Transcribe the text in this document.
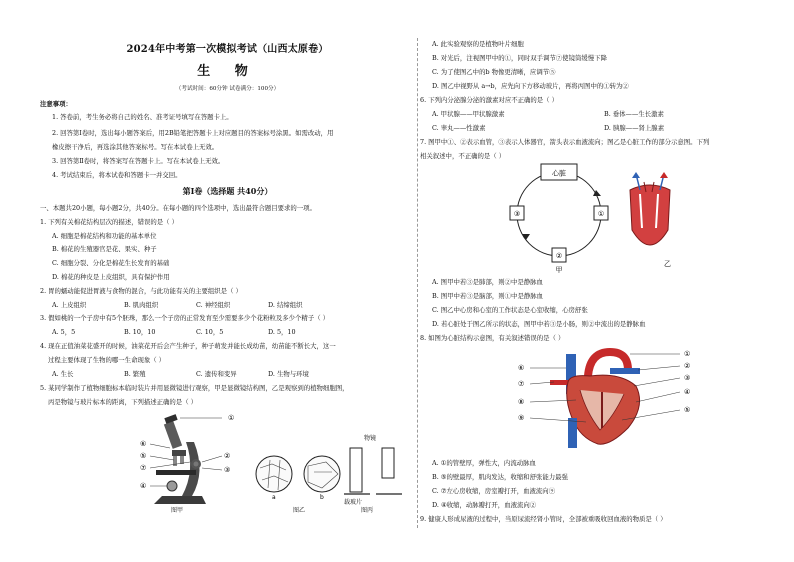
2024年中考第一次模拟考试（山西太原卷）
生 物
（考试时间：60分钟 试卷满分：100分）
注意事项：
1. 答卷前，考生务必将自己的姓名、准考证号填写在答题卡上。
2. 回答第Ⅰ卷时，选出每小题答案后，用2B铅笔把答题卡上对应题目的答案标号涂黑。如需改动，用
橡皮擦干净后，再选涂其他答案标号。写在本试卷上无效。
3. 回答第Ⅱ卷时，将答案写在答题卡上。写在本试卷上无效。
4. 考试结束后，将本试卷和答题卡一并交回。
第Ⅰ卷（选择题 共40分）
一、本题共20小题，每小题2分，共40分。在每小题的四个选项中，选出最符合题目要求的一项。
1. 下列有关棉花结构层次的描述，错误的是（ ）
A. 细胞是棉花结构和功能的基本单位
B. 棉花的生殖器官是花、果实、种子
C. 细胞分裂、分化是棉花生长发育的基础
D. 棉花的种皮是上皮组织，具有保护作用
2. 胃的蠕动能促进胃液与食物的混合，与此功能有关的主要组织是（ ）
A. 上皮组织	B. 肌肉组织	C. 神经组织	D. 结缔组织
3. 假如桃的一个子房中有5个胚珠，那么一个子房的正常发育至少需要多少个花粉粒及多少个精子（ ）
A. 5，5	B. 10，10	C. 10，5	D. 5，10
4. 现在正值油菜花盛开的时候，油菜花开后会产生种子，种子萌发并能长成幼苗，幼苗能不断长大，这一
过程主要体现了生物的哪一生命现象（ ）
A. 生长	B. 繁殖	C. 遗传和变异	D. 生物与环境
5. 某同学制作了植物细胞标本临时装片并用显微镜进行观察，甲是显微镜结构图，乙是观察到的植物细胞图，
丙是物镜与玻片标本的距离，下列描述正确的是（ ）
①
⑥
⑤
⑦
②
③
④
图甲
a	b
图乙
物镜
载玻片
图丙
A. 此实验观察的是植物叶片细胞
B. 对光后，注视图甲中的①，同时双手调节⑦使镜筒缓慢下降
C. 为了使图乙中的b 物像更清晰，应调节⑤
D. 图乙中视野从 a→b，应先向下方移动玻片，再将丙图中的①转为②
6. 下列内分泌腺分泌的激素对应不正确的是（ ）
A. 甲状腺——甲状腺激素	B. 垂体——生长激素
C. 睾丸——性激素	D. 胰腺——肾上腺素
7. 图甲中①、②表示血管，③表示人体器官，箭头表示血液流向；图乙是心脏工作的部分示意图。下列
相关叙述中，不正确的是（ ）
心脏
①
②
③
甲
乙
A. 图甲中若③是肺部，则②中是静脉血
B. 图甲中若③是脑部，则①中是静脉血
C. 图乙中心房和心室的工作状态是心室收缩，心房舒张
D. 若心脏处于图乙所示的状态，图甲中若③是小肠，则②中流出的是静脉血
8. 如图为心脏结构示意图，有关叙述错误的是（ ）
①
②
③
④
⑤
⑥
⑦
⑧
⑨
A. ①的管壁厚，弹性大，内流动脉血
B. ⑤的壁最厚，肌肉发达，收缩和舒张能力最强
C. ⑦左心房收缩，房室瓣打开，血液流向⑨
D. ④收缩，动脉瓣打开，血液流向②
9. 健康人形成尿液的过程中，当原尿流经肾小管时，全部被重吸收回血液的物质是（ ）
